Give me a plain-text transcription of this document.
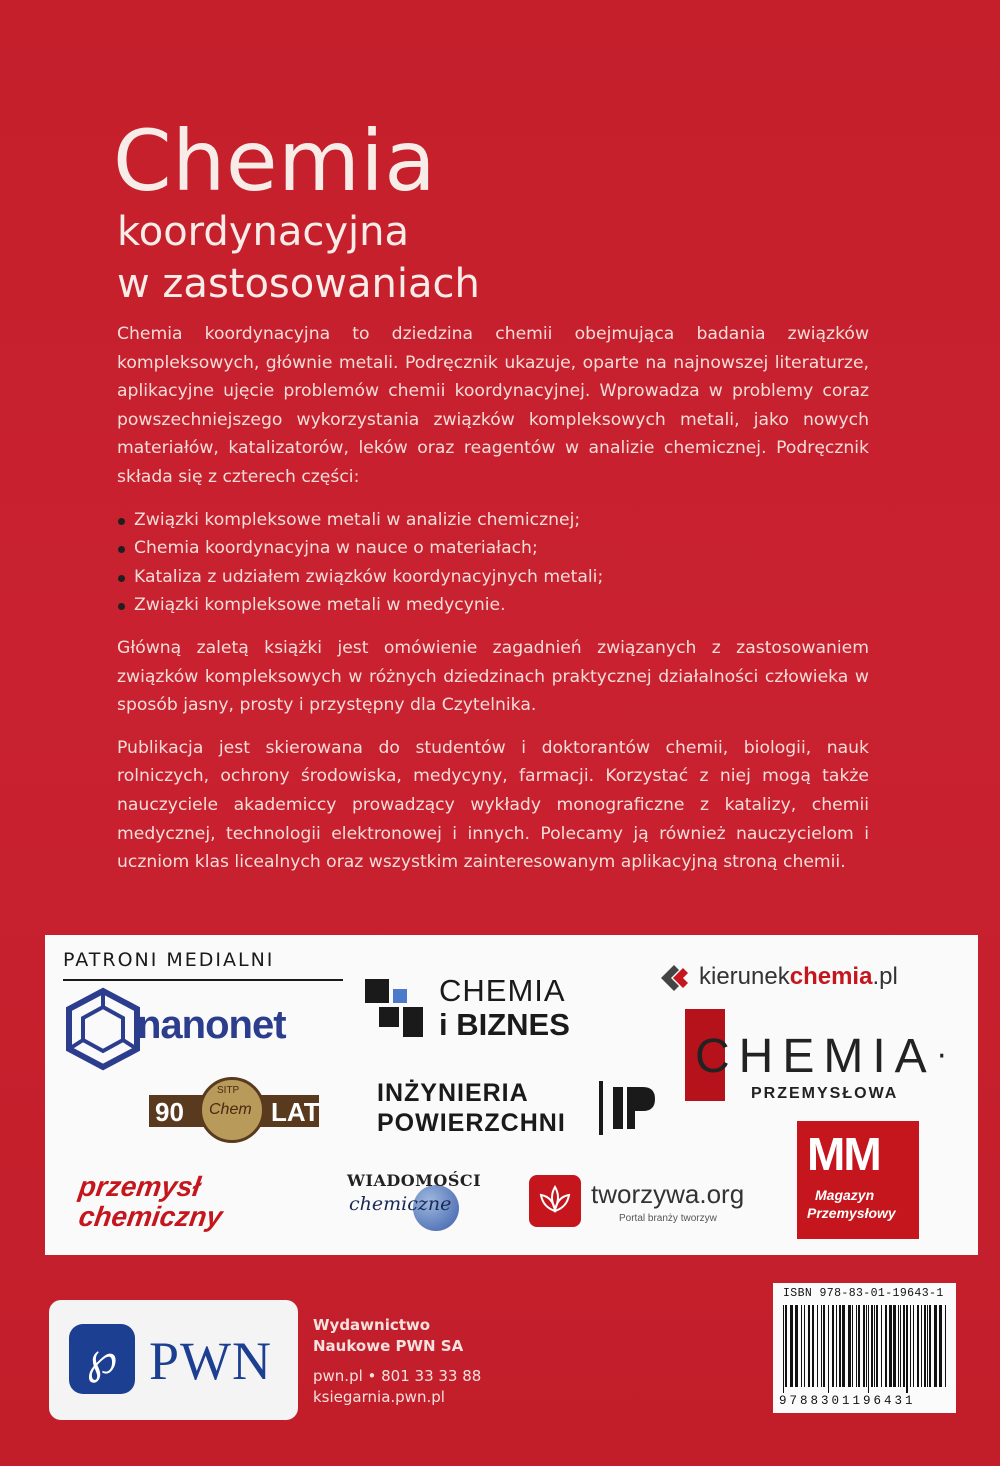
Chemia
koordynacyjna
w zastosowaniach

Chemia koordynacyjna to dziedzina chemii obejmująca badania związków kompleksowych, głównie metali. Podręcznik ukazuje, oparte na najnowszej literaturze, aplikacyjne ujęcie problemów chemii koordynacyjnej. Wprowadza w problemy coraz powszechniejszego wykorzystania związków kompleksowych metali, jako nowych materiałów, katalizatorów, leków oraz reagentów w analizie chemicznej. Podręcznik składa się z czterech części:

Związki kompleksowe metali w analizie chemicznej;
Chemia koordynacyjna w nauce o materiałach;
Kataliza z udziałem związków koordynacyjnych metali;
Związki kompleksowe metali w medycynie.

Główną zaletą książki jest omówienie zagadnień związanych z zastosowaniem związków kompleksowych w różnych dziedzinach praktycznej działalności człowieka w sposób jasny, prosty i przystępny dla Czytelnika.

Publikacja jest skierowana do studentów i doktorantów chemii, biologii, nauk rolniczych, ochrony środowiska, medycyny, farmacji. Korzystać z niej mogą także nauczyciele akademiccy prowadzący wykłady monograficzne z katalizy, chemii medycznej, technologii elektronowej i innych. Polecamy ją również nauczycielom i uczniom klas licealnych oraz wszystkim zainteresowanym aplikacyjną stroną chemii.

PATRONI MEDIALNI
nanonet
CHEMIA
i BIZNES
kierunekchemia.pl
CHEMIA ·
PRZEMYSŁOWA
90
SITP
Chem LAT
INŻYNIERIA
POWIERZCHNI
przemysł
chemiczny
WIADOMOŚCI
chemiczne	tworzywa.org
Portal branży tworzyw
MM
Magazyn
Przemysłowy
℘ PWN
Wydawnictwo
Naukowe PWN SA
pwn.pl • 801 33 33 88
ksiegarnia.pwn.pl
ISBN 978-83-01-19643-1
9788301196431
